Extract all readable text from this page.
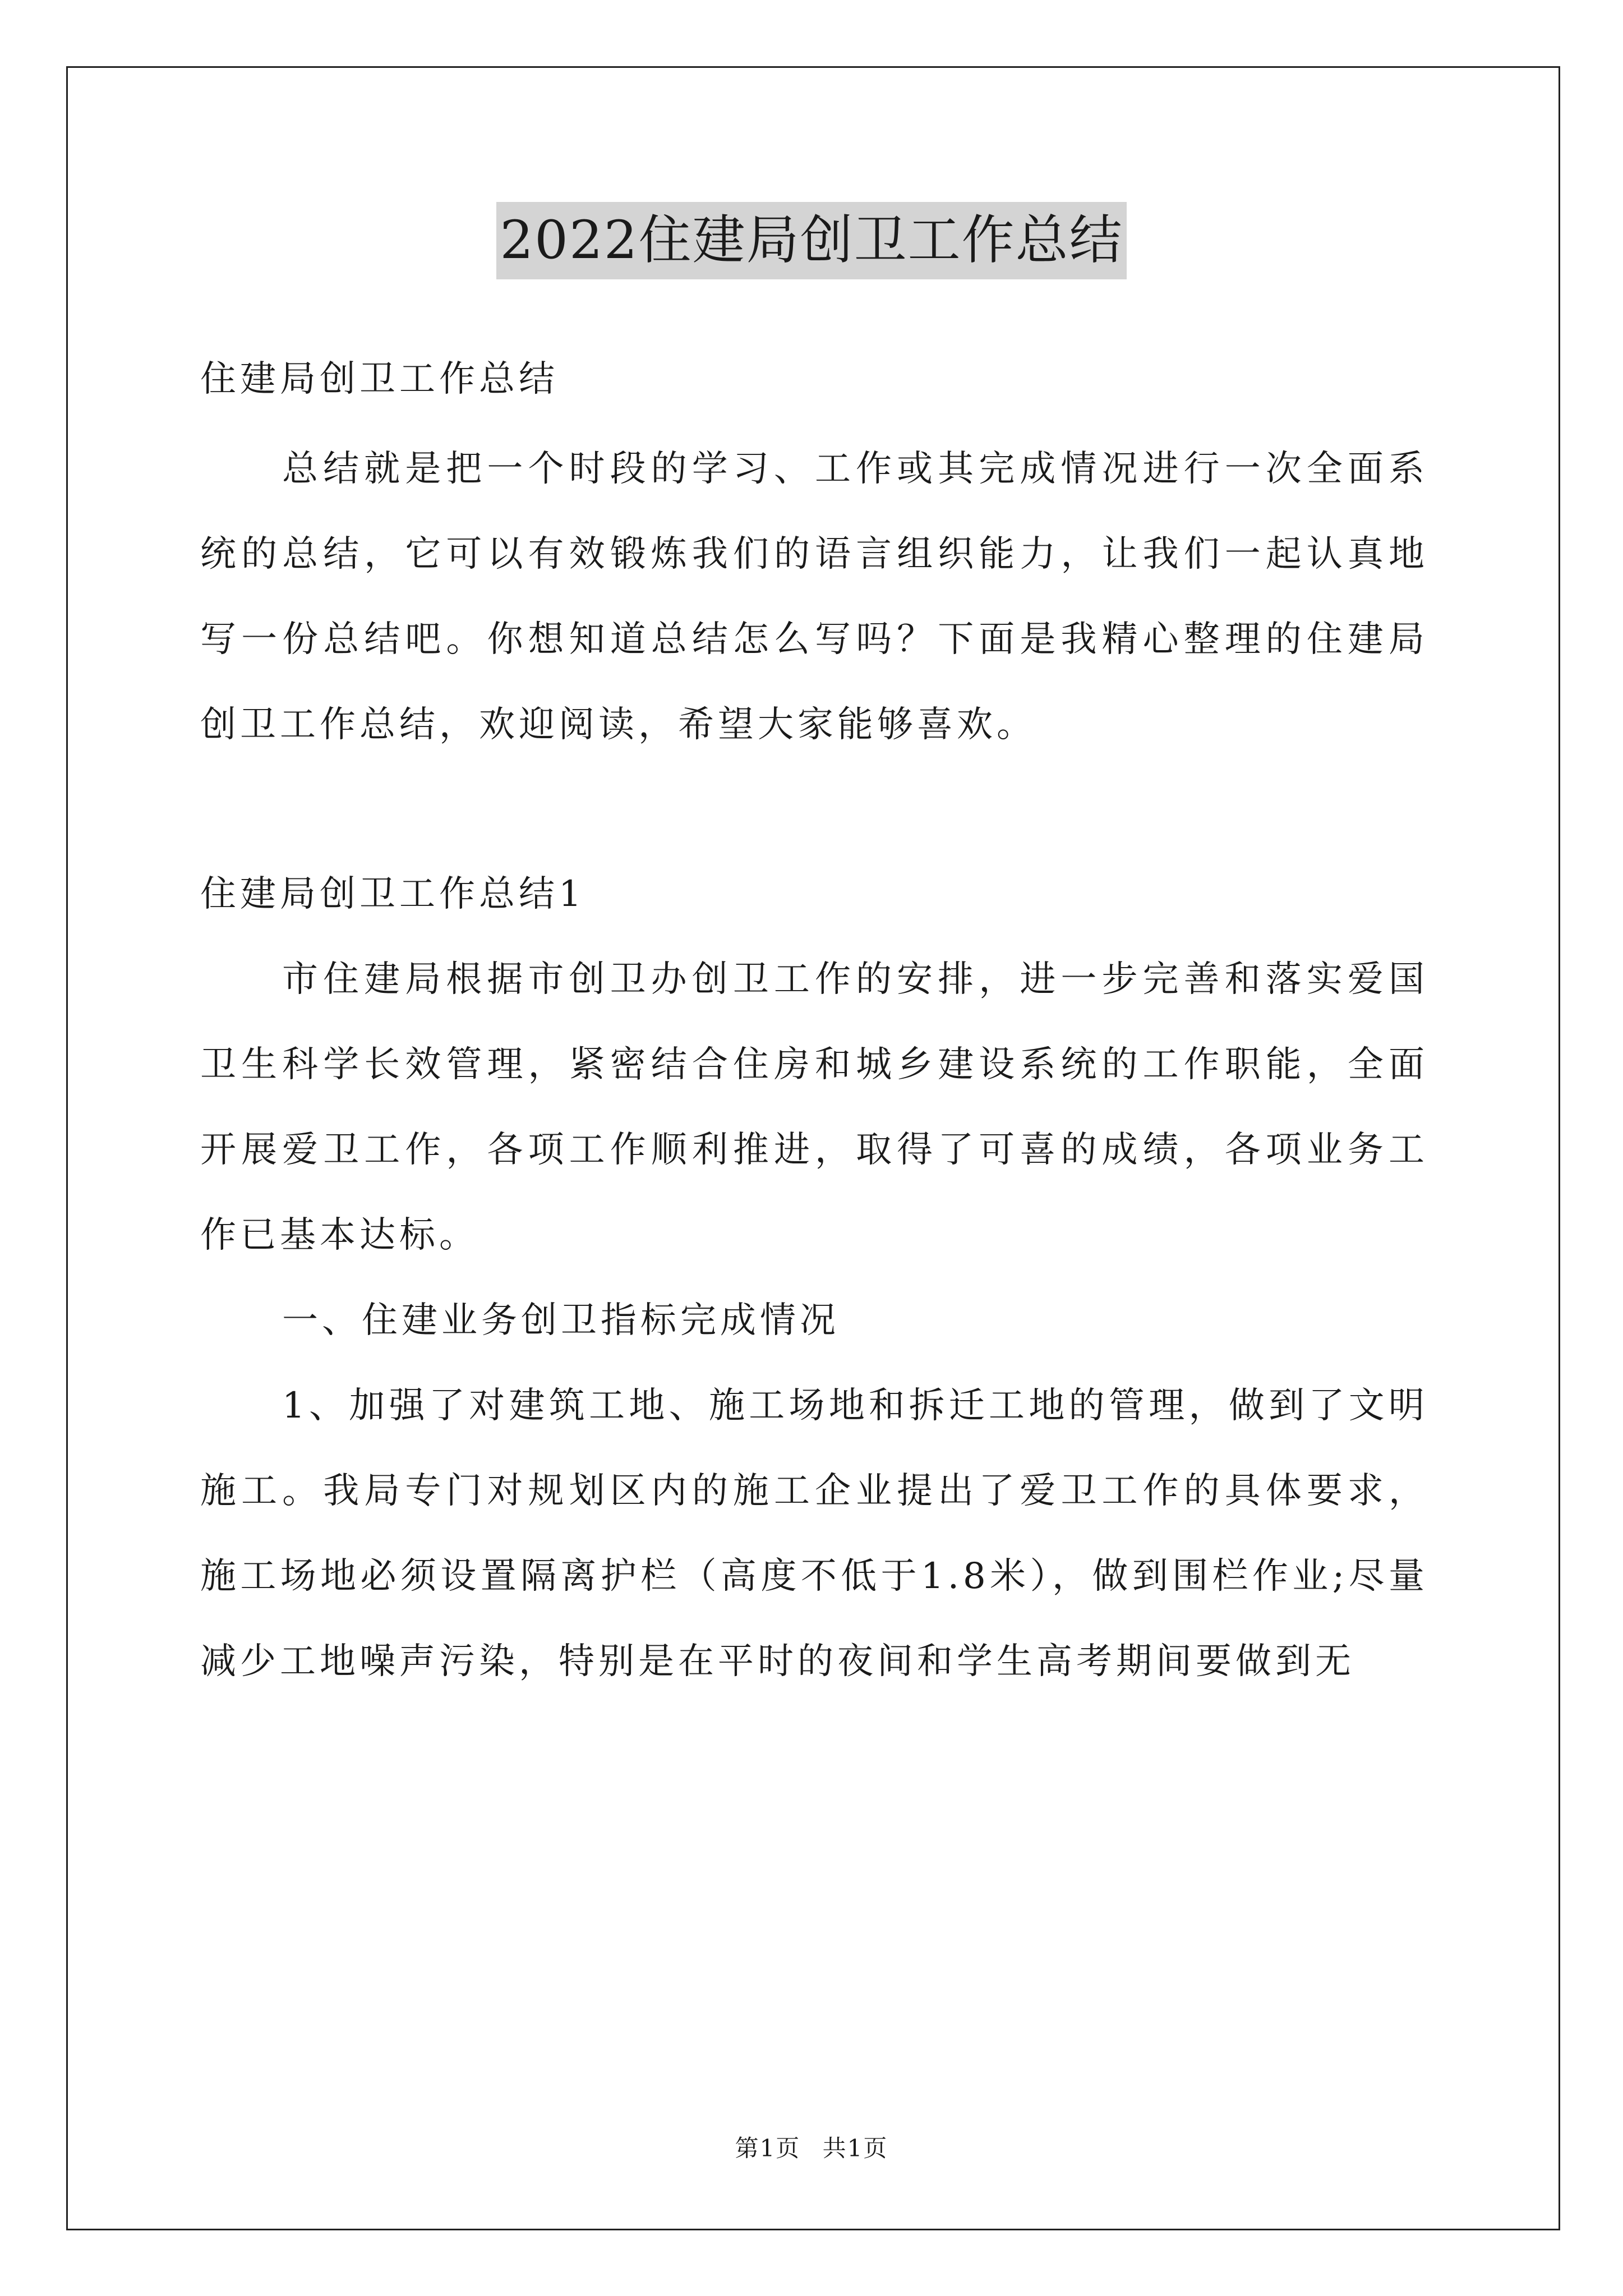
2022住建局创卫工作总结

住建局创卫工作总结

总结就是把一个时段的学习、工作或其完成情况进行一次全面系统的总结，它可以有效锻炼我们的语言组织能力，让我们一起认真地写一份总结吧。你想知道总结怎么写吗？下面是我精心整理的住建局创卫工作总结，欢迎阅读，希望大家能够喜欢。

住建局创卫工作总结1

市住建局根据市创卫办创卫工作的安排，进一步完善和落实爱国卫生科学长效管理，紧密结合住房和城乡建设系统的工作职能，全面开展爱卫工作，各项工作顺利推进，取得了可喜的成绩，各项业务工作已基本达标。

一、住建业务创卫指标完成情况

1、加强了对建筑工地、施工场地和拆迁工地的管理，做到了文明施工。我局专门对规划区内的施工企业提出了爱卫工作的具体要求，施工场地必须设置隔离护栏（高度不低于1.8米），做到围栏作业;尽量减少工地噪声污染，特别是在平时的夜间和学生高考期间要做到无

第1页 共1页
